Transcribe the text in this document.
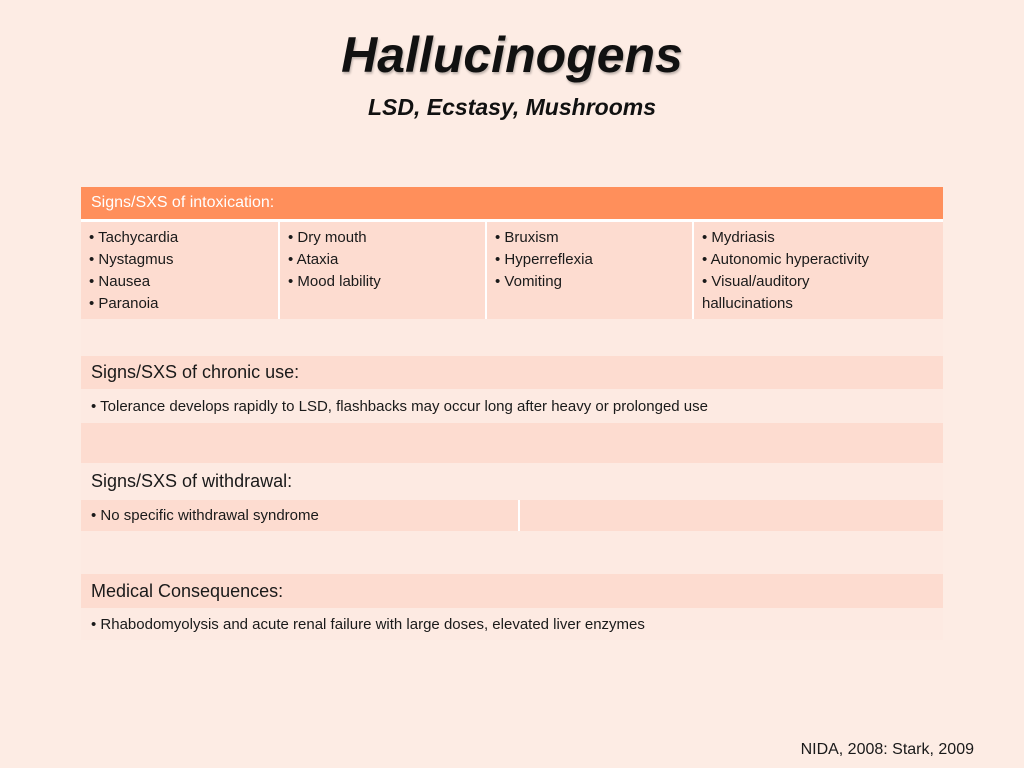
Hallucinogens
LSD, Ecstasy, Mushrooms
Signs/SXS of intoxication:
• Tachycardia
• Nystagmus
• Nausea
• Paranoia
• Dry mouth
• Ataxia
• Mood lability
• Bruxism
• Hyperreflexia
• Vomiting
• Mydriasis
• Autonomic hyperactivity
• Visual/auditory
hallucinations
Signs/SXS of chronic use:
• Tolerance develops rapidly to LSD, flashbacks may occur long after heavy or prolonged use
Signs/SXS of withdrawal:
• No specific withdrawal syndrome
Medical Consequences:
• Rhabodomyolysis and acute renal failure with large doses, elevated liver enzymes
NIDA, 2008: Stark, 2009
